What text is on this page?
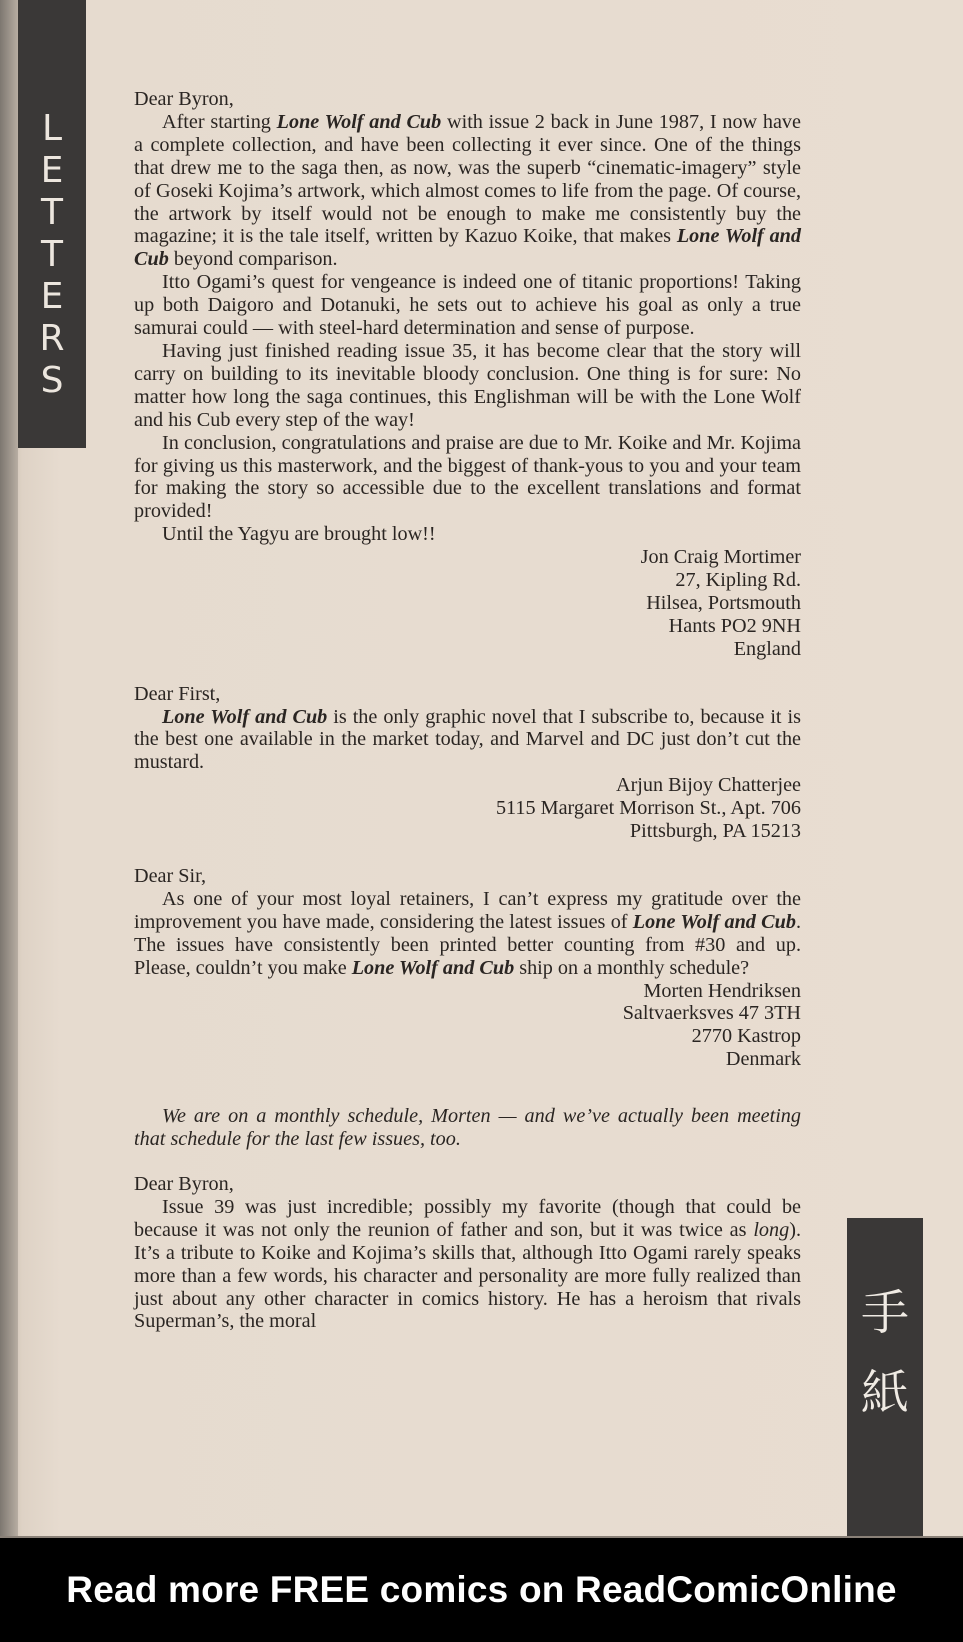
L
E
T
T
E
R
S
手
紙

Dear Byron,

After starting Lone Wolf and Cub with issue 2 back in June 1987, I now have a complete collection, and have been collecting it ever since. One of the things that drew me to the saga then, as now, was the superb “cinematic-imagery” style of Goseki Kojima’s artwork, which almost comes to life from the page. Of course, the artwork by itself would not be enough to make me consistently buy the magazine; it is the tale itself, written by Kazuo Koike, that makes Lone Wolf and Cub beyond comparison.

Itto Ogami’s quest for vengeance is indeed one of titanic proportions! Taking up both Daigoro and Dotanuki, he sets out to achieve his goal as only a true samurai could — with steel-hard determination and sense of purpose.

Having just finished reading issue 35, it has become clear that the story will carry on building to its inevitable bloody conclusion. One thing is for sure: No matter how long the saga continues, this Englishman will be with the Lone Wolf and his Cub every step of the way!

In conclusion, congratulations and praise are due to Mr. Koike and Mr. Kojima for giving us this masterwork, and the biggest of thank-yous to you and your team for making the story so accessible due to the excellent translations and format provided!

Until the Yagyu are brought low!!

Jon Craig Mortimer
27, Kipling Rd.
Hilsea, Portsmouth
Hants PO2 9NH
England

Dear First,

Lone Wolf and Cub is the only graphic novel that I subscribe to, because it is the best one available in the market today, and Marvel and DC just don’t cut the mustard.

Arjun Bijoy Chatterjee
5115 Margaret Morrison St., Apt. 706
Pittsburgh, PA 15213

Dear Sir,

As one of your most loyal retainers, I can’t express my gratitude over the improvement you have made, considering the latest issues of Lone Wolf and Cub. The issues have consistently been printed better counting from #30 and up. Please, couldn’t you make Lone Wolf and Cub ship on a monthly schedule?

Morten Hendriksen
Saltvaerksves 47 3TH
2770 Kastrop
Denmark

We are on a monthly schedule, Morten — and we’ve actually been meeting that schedule for the last few issues, too.

Dear Byron,

Issue 39 was just incredible; possibly my favorite (though that could be because it was not only the reunion of father and son, but it was twice as long). It’s a tribute to Koike and Kojima’s skills that, although Itto Ogami rarely speaks more than a few words, his character and personality are more fully realized than just about any other character in comics history. He has a heroism that rivals Superman’s, the moral

Read more FREE comics on ReadComicOnline
